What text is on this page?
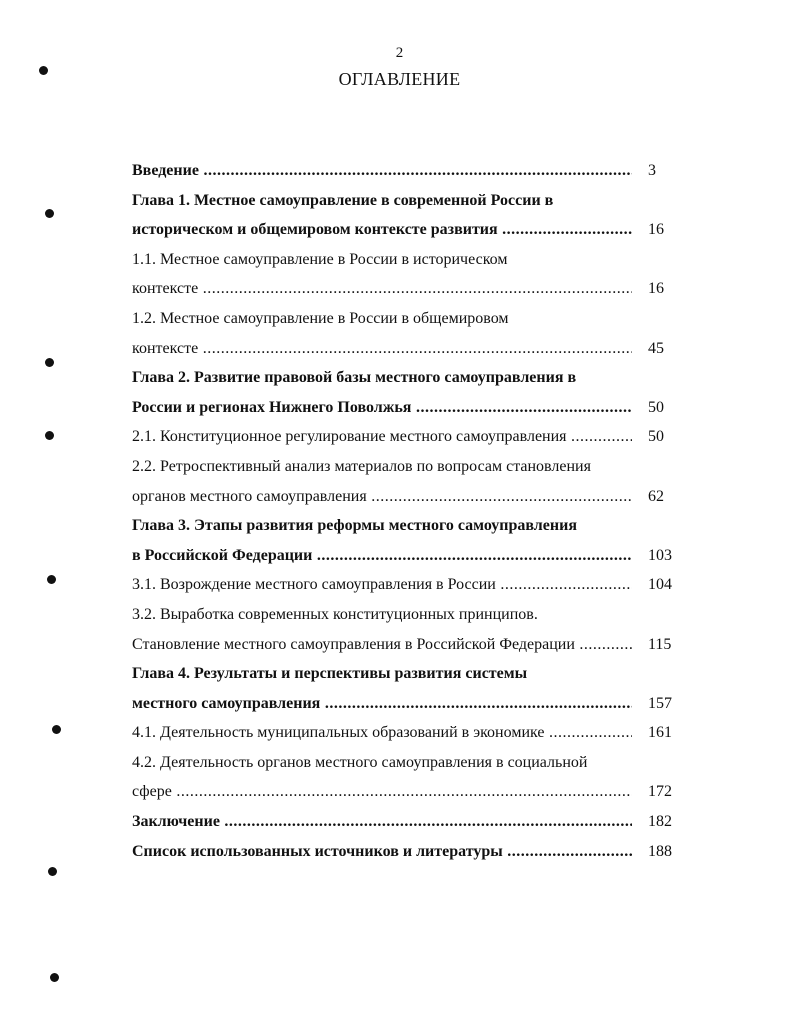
2
ОГЛАВЛЕНИЕ
Введение .....	3
Глава 1. Местное самоуправление в современной России в
историческом и общемировом контексте развития .....	16
1.1. Местное самоуправление в России в историческом
контексте .....	16
1.2. Местное самоуправление в России в общемировом
контексте .....	45
Глава 2. Развитие правовой базы местного самоуправления в
России и регионах Нижнего Поволжья .....	50
2.1. Конституционное регулирование местного самоуправления .....	50
2.2. Ретроспективный анализ материалов по вопросам становления
органов местного самоуправления .....	62
Глава 3. Этапы развития реформы местного самоуправления
в Российской Федерации .....	103
3.1. Возрождение местного самоуправления в России .....	104
3.2. Выработка современных конституционных принципов.
Становление местного самоуправления в Российской Федерации .....	115
Глава 4. Результаты и перспективы развития системы
местного самоуправления .....	157
4.1. Деятельность муниципальных образований в экономике .....	161
4.2. Деятельность органов местного самоуправления в социальной
сфере .....	172
Заключение .....	182
Список использованных источников и литературы .....	188
